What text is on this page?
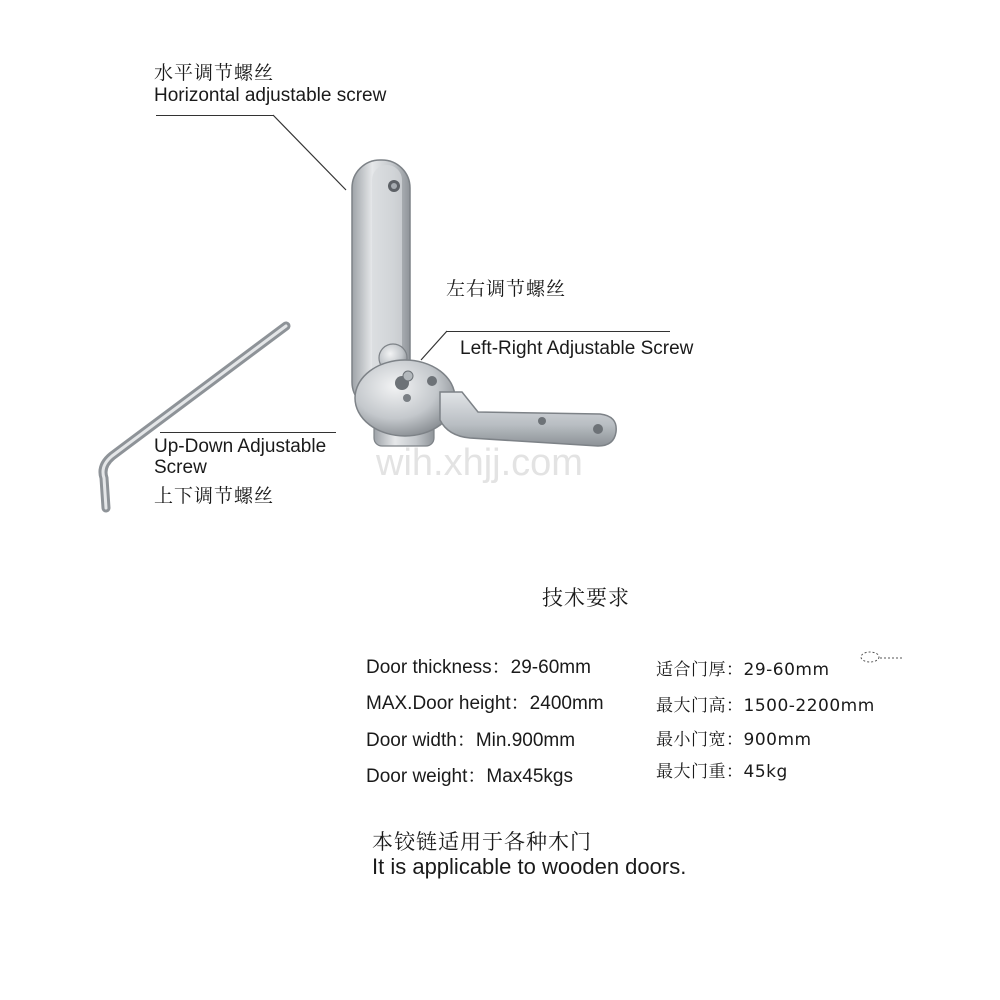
wih.xhjj.com
水平调节螺丝
Horizontal adjustable screw
左右调节螺丝
Left-Right Adjustable Screw
Up-Down Adjustable
Screw
上下调节螺丝
技术要求
Door thickness：29-60mm	适合门厚：29-60mm
MAX.Door height：2400mm	最大门高：1500-2200mm
Door width：Min.900mm	最小门宽：900mm
Door weight：Max45kgs	最大门重：45kg
本铰链适用于各种木门
It is applicable to wooden doors.
